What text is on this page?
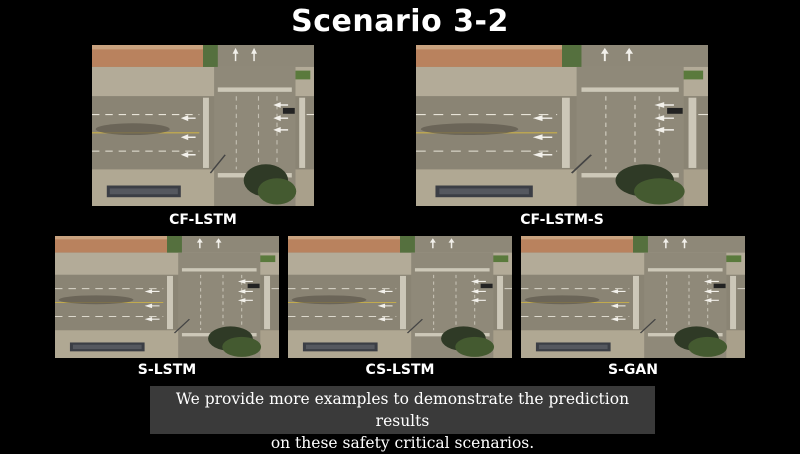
Scenario 3-2
CF-LSTM	CF-LSTM-S
S-LSTM	CS-LSTM	S-GAN
We provide more examples to demonstrate the prediction results
on these safety critical scenarios.
